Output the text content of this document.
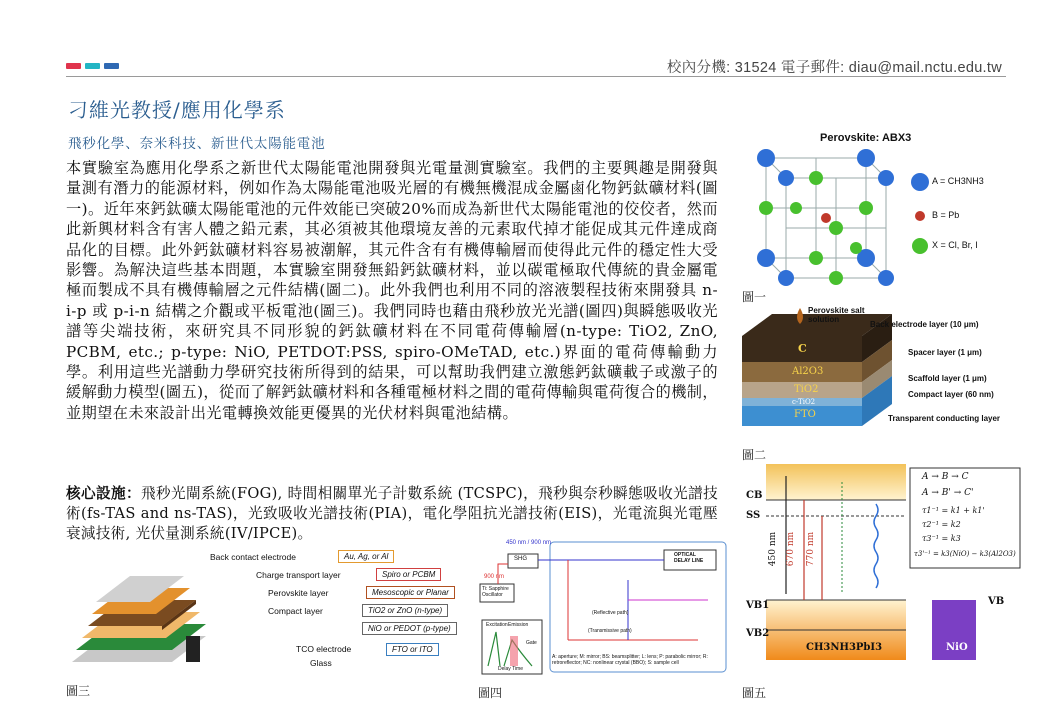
校內分機: 31524 電子郵件: diau@mail.nctu.edu.tw
刁維光教授/應用化學系
飛秒化學、奈米科技、新世代太陽能電池
本實驗室為應用化學系之新世代太陽能電池開發與光電量測實驗室。我們的主要興趣是開發與量測有潛力的能源材料，例如作為太陽能電池吸光層的有機無機混成金屬鹵化物鈣鈦礦材料(圖一)。近年來鈣鈦礦太陽能電池的元件效能已突破20%而成為新世代太陽能電池的佼佼者，然而此新興材料含有害人體之鉛元素，其必須被其他環境友善的元素取代掉才能促成其元件達成商品化的目標。此外鈣鈦礦材料容易被潮解，其元件含有有機傳輸層而使得此元件的穩定性大受影響。為解決這些基本問題，本實驗室開發無鉛鈣鈦礦材料，並以碳電極取代傳統的貴金屬電極而製成不具有機傳輸層之元件結構(圖二)。此外我們也利用不同的溶液製程技術來開發具 n-i-p 或 p-i-n 結構之介觀或平板電池(圖三)。我們同時也藉由飛秒放光光譜(圖四)與瞬態吸收光譜等尖端技術，來研究具不同形貌的鈣鈦礦材料在不同電荷傳輸層(n-type: TiO2, ZnO, PCBM, etc.; p-type: NiO, PETDOT:PSS, spiro-OMeTAD, etc.)界面的電荷傳輸動力學。利用這些光譜動力學研究技術所得到的結果，可以幫助我們建立激態鈣鈦礦載子或激子的緩解動力模型(圖五)，從而了解鈣鈦礦材料和各種電極材料之間的電荷傳輸與電荷復合的機制，並期望在未來設計出光電轉換效能更優異的光伏材料與電池結構。
核心設施：飛秒光閘系統(FOG), 時間相關單光子計數系統 (TCSPC)，飛秒與奈秒瞬態吸收光譜技術(fs-TAS and ns-TAS)，光致吸收光譜技術(PIA)，電化學阻抗光譜技術(EIS)，光電流與光電壓衰減技術, 光伏量測系統(IV/IPCE)。
Perovskite: ABX3
A = CH3NH3
B = Pb
X = Cl, Br, I
圖一
Perovskite salt solution
Back electrode layer (10 μm)
Spacer layer (1 μm)
Scaffold layer (1 μm)
Compact layer (60 nm)
Transparent conducting layer
C
Al2O3
TiO2
c-TiO2
FTO
圖二
Back contact electrode
Charge transport layer
Perovskite layer
Compact layer
TCO electrode
Glass
Au, Ag, or Al
Spiro or PCBM
Mesoscopic or Planar
TiO2 or ZnO (n-type)
NiO or PEDOT (p-type)
FTO or ITO
圖三
450 nm / 900 nm
SHG
900 nm
Ti: Sapphire Oscillator
OPTICAL DELAY LINE
Excitation Emission
Gate
Delay Time
(Reflective path)
(Transmissive path)
A: aperture; M: mirror; BS: beamsplitter; L: lens; P: parabolic mirror; R: retroreflector; NC: nonlinear crystal (BBO); S: sample cell
圖四
CB
SS
VB1
VB2
450 nm 670 nm 770 nm
CH3NH3PbI3	NiO
VB
A → B → C
A → B' → C'
τ1⁻¹ = k1 + k1'
τ2⁻¹ = k2
τ3⁻¹ = k3
τ3'⁻¹ = k3(NiO) − k3(Al2O3)
圖五
